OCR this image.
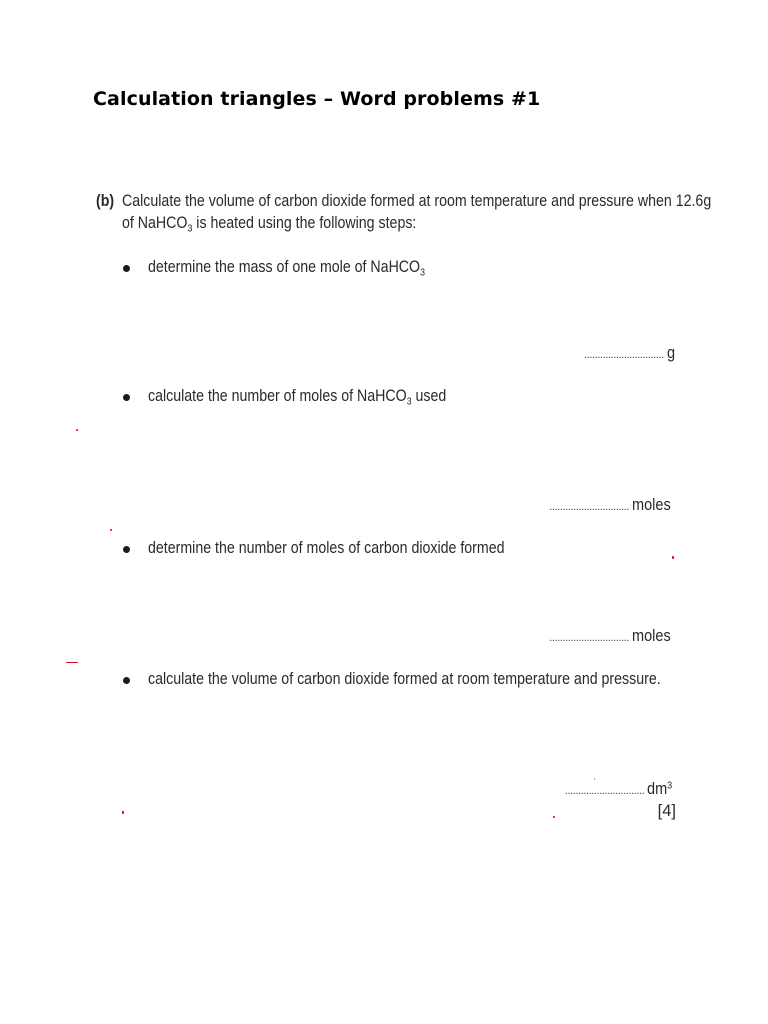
Calculation triangles – Word problems #1
(b) Calculate the volume of carbon dioxide formed at room temperature and pressure when 12.6g
of NaHCO$_3$ is heated using the following steps:
determine the mass of one mole of NaHCO$_3$
.............................. g
calculate the number of moles of NaHCO$_3$ used
.............................. moles
determine the number of moles of carbon dioxide formed
.............................. moles
calculate the volume of carbon dioxide formed at room temperature and pressure.
.............................. $dm^3$
[4]
